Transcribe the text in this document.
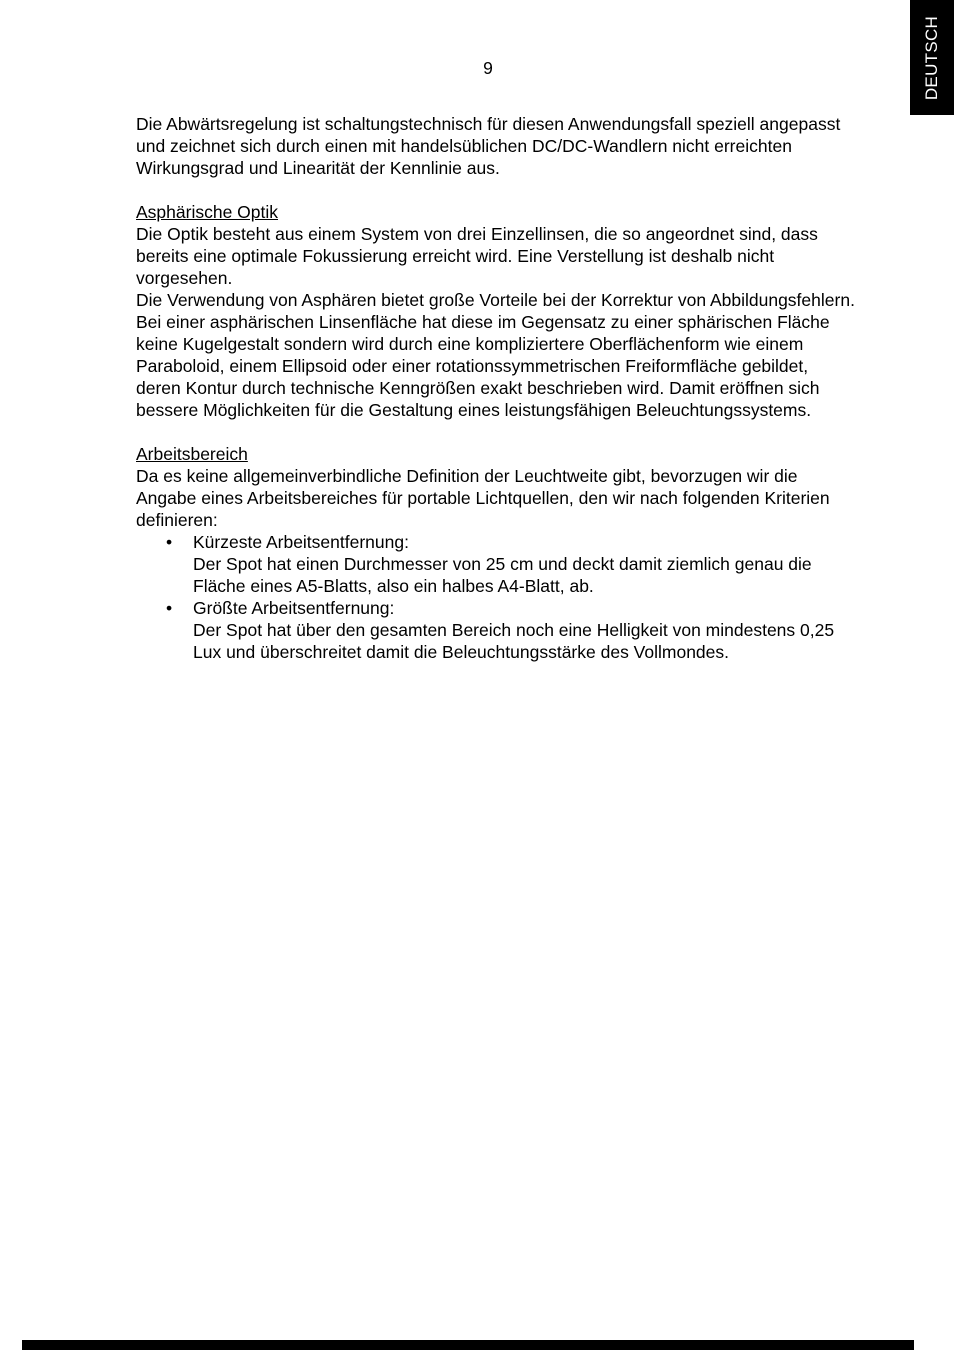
DEUTSCH
9

Die Abwärtsregelung ist schaltungstechnisch für diesen Anwendungsfall speziell angepasst und zeichnet sich durch einen mit handelsüblichen DC/DC-Wandlern nicht erreichten Wirkungsgrad und Linearität der Kennlinie aus.

Asphärische Optik

Die Optik besteht aus einem System von drei Einzellinsen, die so angeordnet sind, dass bereits eine optimale Fokussierung erreicht wird. Eine Verstellung ist deshalb nicht vorgesehen.

Die Verwendung von Asphären bietet große Vorteile bei der Korrektur von Abbildungsfehlern. Bei einer asphärischen Linsenfläche hat diese im Gegensatz zu einer sphärischen Fläche keine Kugelgestalt sondern wird durch eine kompliziertere Oberflächenform wie einem Paraboloid, einem Ellipsoid oder einer rotationssymmetrischen Freiformfläche gebildet, deren Kontur durch technische Kenngrößen exakt beschrieben wird. Damit eröffnen sich bessere Möglichkeiten für die Gestaltung eines leistungsfähigen Beleuchtungssystems.

Arbeitsbereich

Da es keine allgemeinverbindliche Definition der Leuchtweite gibt, bevorzugen wir die Angabe eines Arbeitsbereiches für portable Lichtquellen, den wir nach folgenden Kriterien definieren:

• Kürzeste Arbeitsentfernung:

Der Spot hat einen Durchmesser von 25 cm und deckt damit ziemlich genau die Fläche eines A5-Blatts, also ein halbes A4-Blatt, ab.

• Größte Arbeitsentfernung:

Der Spot hat über den gesamten Bereich noch eine Helligkeit von mindestens 0,25 Lux und überschreitet damit die Beleuchtungsstärke des Vollmondes.
